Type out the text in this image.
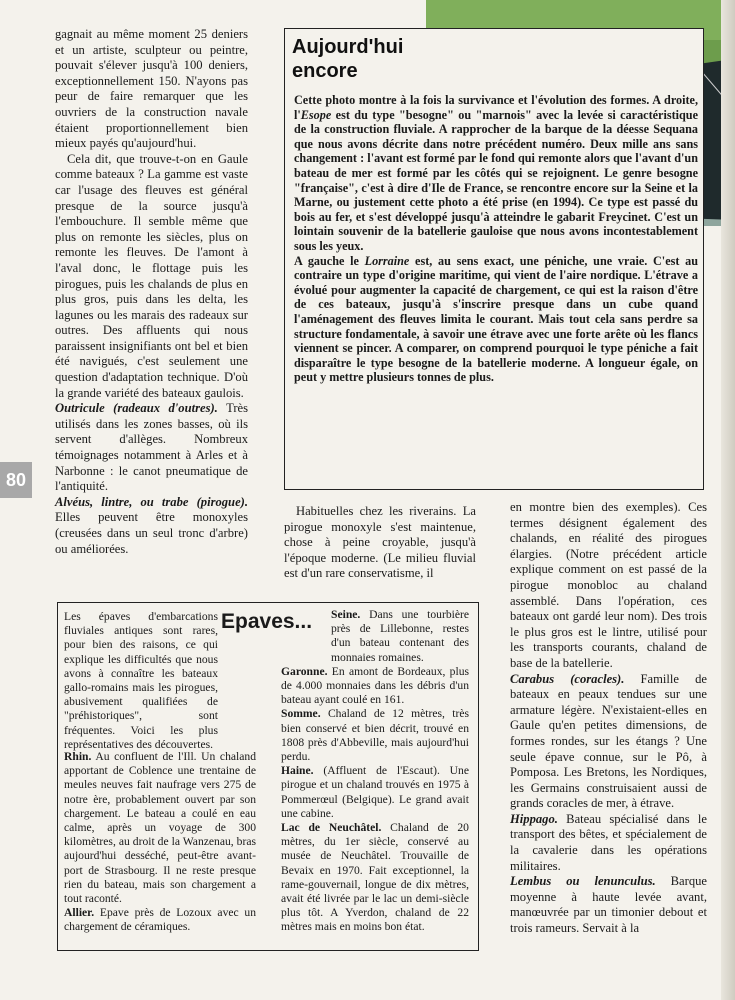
gagnait au même moment 25 deniers et un artiste, sculpteur ou peintre, pouvait s'élever jusqu'à 100 deniers, exceptionnellement 150. N'ayons pas peur de faire remarquer que les ouvriers de la construction navale étaient proportionnellement bien mieux payés qu'aujourd'hui.

Cela dit, que trouve-t-on en Gaule comme bateaux ? La gamme est vaste car l'usage des fleuves est général presque de la source jusqu'à l'embouchure. Il semble même que plus on remonte les siècles, plus on remonte les fleuves. De l'amont à l'aval donc, le flottage puis les pirogues, puis les chalands de plus en plus gros, puis dans les delta, les lagunes ou les marais des radeaux sur outres. Des affluents qui nous paraissent insignifiants ont bel et bien été navigués, c'est seulement une question d'adaptation technique. D'où la grande variété des bateaux gaulois.

Outricule (radeaux d'outres). Très utilisés dans les zones basses, où ils servent d'allèges. Nombreux témoignages notamment à Arles et à Narbonne : le canot pneumatique de l'antiquité.

Alvéus, lintre, ou trabe (pirogue). Elles peuvent être monoxyles (creusées dans un seul tronc d'arbre) ou améliorées.

Aujourd'hui encore

Cette photo montre à la fois la survivance et l'évolution des formes. A droite, l'Esope est du type "besogne" ou "marnois" avec la levée si caractéristique de la construction fluviale. A rapprocher de la barque de la déesse Sequana que nous avons décrite dans notre précédent numéro. Deux mille ans sans changement : l'avant est formé par le fond qui remonte alors que l'avant d'un bateau de mer est formé par les côtés qui se rejoignent. Le genre besogne "française", c'est à dire d'Ile de France, se rencontre encore sur la Seine et la Marne, ou justement cette photo a été prise (en 1994). Ce type est passé du bois au fer, et s'est développé jusqu'à atteindre le gabarit Freycinet. C'est un lointain souvenir de la batellerie gauloise que nous avons incontestablement sous les yeux.

A gauche le Lorraine est, au sens exact, une péniche, une vraie. C'est au contraire un type d'origine maritime, qui vient de l'aire nordique. L'étrave a évolué pour augmenter la capacité de chargement, ce qui est la raison d'être de ces bateaux, jusqu'à s'inscrire presque dans un cube quand l'aménagement des fleuves limita le courant. Mais tout cela sans perdre sa structure fondamentale, à savoir une étrave avec une forte arête où les flancs viennent se pincer. A comparer, on comprend pourquoi le type péniche a fait disparaître le type besogne de la batellerie moderne. A longueur égale, on peut y mettre plusieurs tonnes de plus.

80

Habituelles chez les riverains. La pirogue monoxyle s'est maintenue, chose à peine croyable, jusqu'à l'époque moderne. (Le milieu fluvial est d'un rare conservatisme, il

en montre bien des exemples). Ces termes désignent également des chalands, en réalité des pirogues élargies. (Notre précédent article explique comment on est passé de la pirogue monobloc au chaland assemblé. Dans l'opération, ces bateaux ont gardé leur nom). Des trois le plus gros est le lintre, utilisé pour les transports courants, chaland de base de la batellerie.

Carabus (coracles). Famille de bateaux en peaux tendues sur une armature légère. N'existaient-elles en Gaule qu'en petites dimensions, de formes rondes, sur les étangs ? Une seule épave connue, sur le Pô, à Pomposa. Les Bretons, les Nordiques, les Germains construisaient aussi de grands coracles de mer, à étrave.

Hippago. Bateau spécialisé dans le transport des bêtes, et spécialement de la cavalerie dans les opérations militaires.

Lembus ou lenunculus. Barque moyenne à haute levée avant, manœuvrée par un timonier debout et trois rameurs. Servait à la

Les épaves d'embarcations fluviales antiques sont rares, pour bien des raisons, ce qui explique les difficultés que nous avons à connaître les bateaux gallo-romains mais les pirogues, abusivement qualifiées de "préhistoriques", sont fréquentes. Voici les plus représentatives des découvertes.

Epaves...

Rhin. Au confluent de l'Ill. Un chaland apportant de Coblence une trentaine de meules neuves fait naufrage vers 275 de notre ère, probablement ouvert par son chargement. Le bateau a coulé en eau calme, après un voyage de 300 kilomètres, au droit de la Wanzenau, bras aujourd'hui desséché, peut-être avant-port de Strasbourg. Il ne reste presque rien du bateau, mais son chargement a tout raconté.

Allier. Epave près de Lozoux avec un chargement de céramiques.

Seine. Dans une tourbière près de Lillebonne, restes d'un bateau contenant des monnaies romaines.

Garonne. En amont de Bordeaux, plus de 4.000 monnaies dans les débris d'un bateau ayant coulé en 161.

Somme. Chaland de 12 mètres, très bien conservé et bien décrit, trouvé en 1808 près d'Abbeville, mais aujourd'hui perdu.

Haine. (Affluent de l'Escaut). Une pirogue et un chaland trouvés en 1975 à Pommerœul (Belgique). Le grand avait une cabine.

Lac de Neuchâtel. Chaland de 20 mètres, du 1er siècle, conservé au musée de Neuchâtel. Trouvaille de Bevaix en 1970. Fait exceptionnel, la rame-gouvernail, longue de dix mètres, avait été livrée par le lac un demi-siècle plus tôt. A Yverdon, chaland de 22 mètres mais en moins bon état.
